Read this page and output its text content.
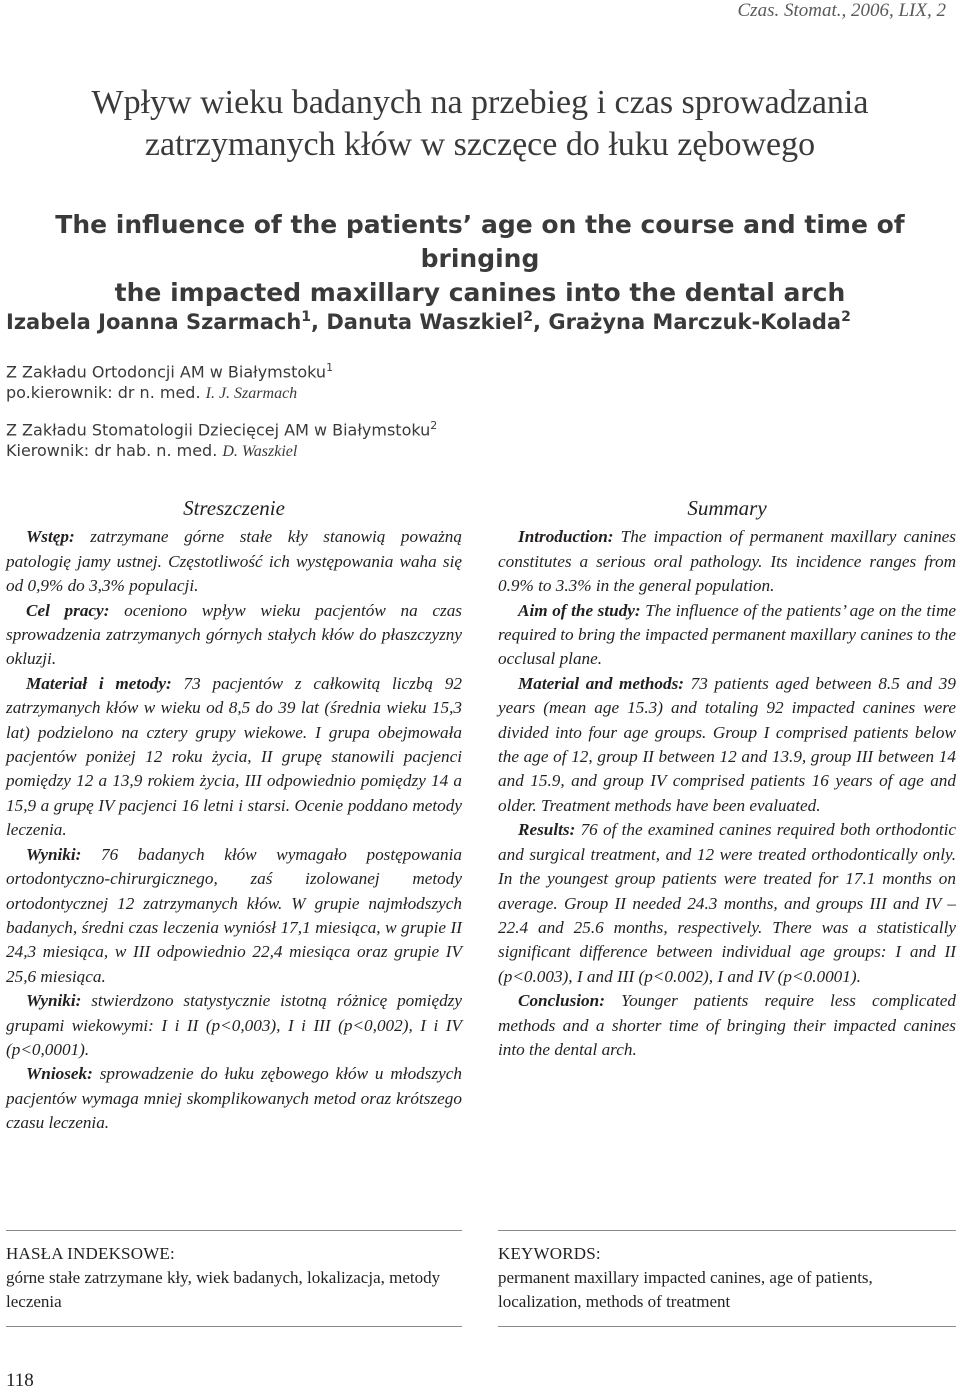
Czas. Stomat., 2006, LIX, 2
Wpływ wieku badanych na przebieg i czas sprowadzania
zatrzymanych kłów w szczęce do łuku zębowego
The influence of the patients’ age on the course and time of bringing
the impacted maxillary canines into the dental arch
Izabela Joanna Szarmach$^1$, Danuta Waszkiel$^2$, Grażyna Marczuk-Kolada$^2$
Z Zakładu Ortodoncji AM w Białymstoku$^1$
po.kierownik: dr n. med. I. J. Szarmach
Z Zakładu Stomatologii Dziecięcej AM w Białymstoku$^2$
Kierownik: dr hab. n. med. D. Waszkiel
Streszczenie

Wstęp: zatrzymane górne stałe kły stanowią poważną patologię jamy ustnej. Częstotliwość ich występowania waha się od 0,9% do 3,3% populacji.

Cel pracy: oceniono wpływ wieku pacjentów na czas sprowadzenia zatrzymanych górnych stałych kłów do płaszczyzny okluzji.

Materiał i metody: 73 pacjentów z całkowitą liczbą 92 zatrzymanych kłów w wieku od 8,5 do 39 lat (średnia wieku 15,3 lat) podzielono na cztery grupy wiekowe. I grupa obejmowała pacjentów poniżej 12 roku życia, II grupę stanowili pacjenci pomiędzy 12 a 13,9 rokiem życia, III odpowiednio pomiędzy 14 a 15,9 a grupę IV pacjenci 16 letni i starsi. Ocenie poddano metody leczenia.

Wyniki: 76 badanych kłów wymagało postępowania ortodontyczno-chirurgicznego, zaś izolowanej metody ortodontycznej 12 zatrzymanych kłów. W grupie najmłodszych badanych, średni czas leczenia wyniósł 17,1 miesiąca, w grupie II 24,3 miesiąca, w III odpowiednio 22,4 miesiąca oraz grupie IV 25,6 miesiąca.

Wyniki: stwierdzono statystycznie istotną różnicę pomiędzy grupami wiekowymi: I i II (p<0,003), I i III (p<0,002), I i IV (p<0,0001).

Wniosek: sprowadzenie do łuku zębowego kłów u młodszych pacjentów wymaga mniej skomplikowanych metod oraz krótszego czasu leczenia.

Summary

Introduction: The impaction of permanent maxillary canines constitutes a serious oral pathology. Its incidence ranges from 0.9% to 3.3% in the general population.

Aim of the study: The influence of the patients’ age on the time required to bring the impacted permanent maxillary canines to the occlusal plane.

Material and methods: 73 patients aged between 8.5 and 39 years (mean age 15.3) and totaling 92 impacted canines were divided into four age groups. Group I comprised patients below the age of 12, group II between 12 and 13.9, group III between 14 and 15.9, and group IV comprised patients 16 years of age and older. Treatment methods have been evaluated.

Results: 76 of the examined canines required both orthodontic and surgical treatment, and 12 were treated orthodontically only. In the youngest group patients were treated for 17.1 months on average. Group II needed 24.3 months, and groups III and IV – 22.4 and 25.6 months, respectively. There was a statistically significant difference between individual age groups: I and II (p<0.003), I and III (p<0.002), I and IV (p<0.0001).

Conclusion: Younger patients require less complicated methods and a shorter time of bringing their impacted canines into the dental arch.

HASŁA INDEKSOWE:
górne stałe zatrzymane kły, wiek badanych, lokalizacja, metody leczenia
KEYWORDS:
permanent maxillary impacted canines, age of patients, localization, methods of treatment
118
